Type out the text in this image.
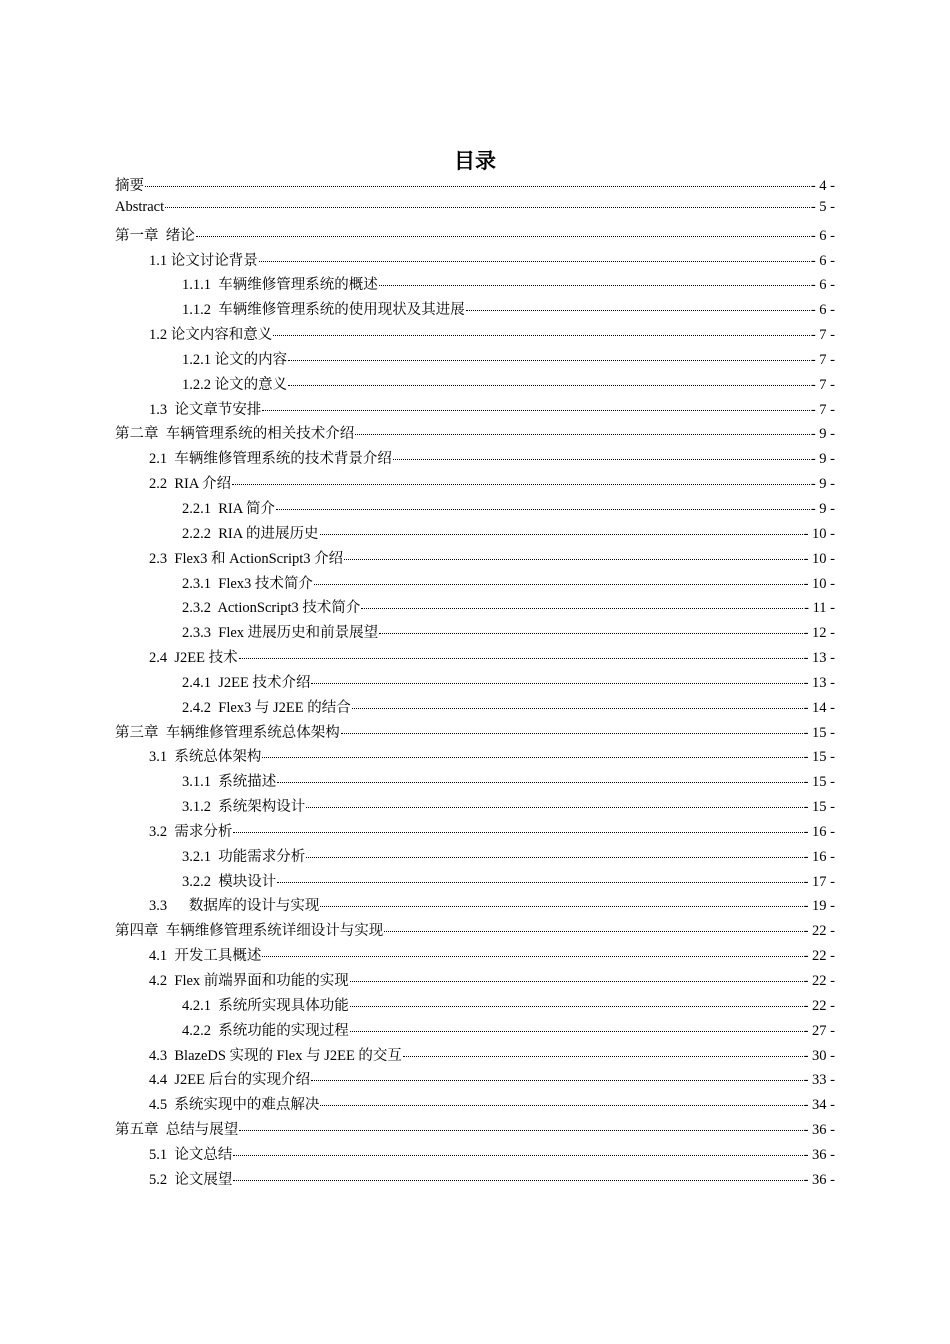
目录
摘要	- 4 -
Abstract	- 5 -
第一章  绪论	- 6 -
1.1 论文讨论背景	- 6 -
1.1.1  车辆维修管理系统的概述	- 6 -
1.1.2  车辆维修管理系统的使用现状及其进展	- 6 -
1.2 论文内容和意义	- 7 -
1.2.1 论文的内容	- 7 -
1.2.2 论文的意义	- 7 -
1.3  论文章节安排	- 7 -
第二章  车辆管理系统的相关技术介绍	- 9 -
2.1  车辆维修管理系统的技术背景介绍	- 9 -
2.2  RIA 介绍	- 9 -
2.2.1  RIA 简介	- 9 -
2.2.2  RIA 的进展历史	- 10 -
2.3  Flex3 和 ActionScript3 介绍	- 10 -
2.3.1  Flex3 技术简介	- 10 -
2.3.2  ActionScript3 技术简介	- 11 -
2.3.3  Flex 进展历史和前景展望	- 12 -
2.4  J2EE 技术	- 13 -
2.4.1  J2EE 技术介绍	- 13 -
2.4.2  Flex3 与 J2EE 的结合	- 14 -
第三章  车辆维修管理系统总体架构	- 15 -
3.1  系统总体架构	- 15 -
3.1.1  系统描述	- 15 -
3.1.2  系统架构设计	- 15 -
3.2  需求分析	- 16 -
3.2.1  功能需求分析	- 16 -
3.2.2  模块设计	- 17 -
3.3      数据库的设计与实现	- 19 -
第四章  车辆维修管理系统详细设计与实现	- 22 -
4.1  开发工具概述	- 22 -
4.2  Flex 前端界面和功能的实现	- 22 -
4.2.1  系统所实现具体功能	- 22 -
4.2.2  系统功能的实现过程	- 27 -
4.3  BlazeDS 实现的 Flex 与 J2EE 的交互	- 30 -
4.4  J2EE 后台的实现介绍	- 33 -
4.5  系统实现中的难点解决	- 34 -
第五章  总结与展望	- 36 -
5.1  论文总结	- 36 -
5.2  论文展望	- 36 -
